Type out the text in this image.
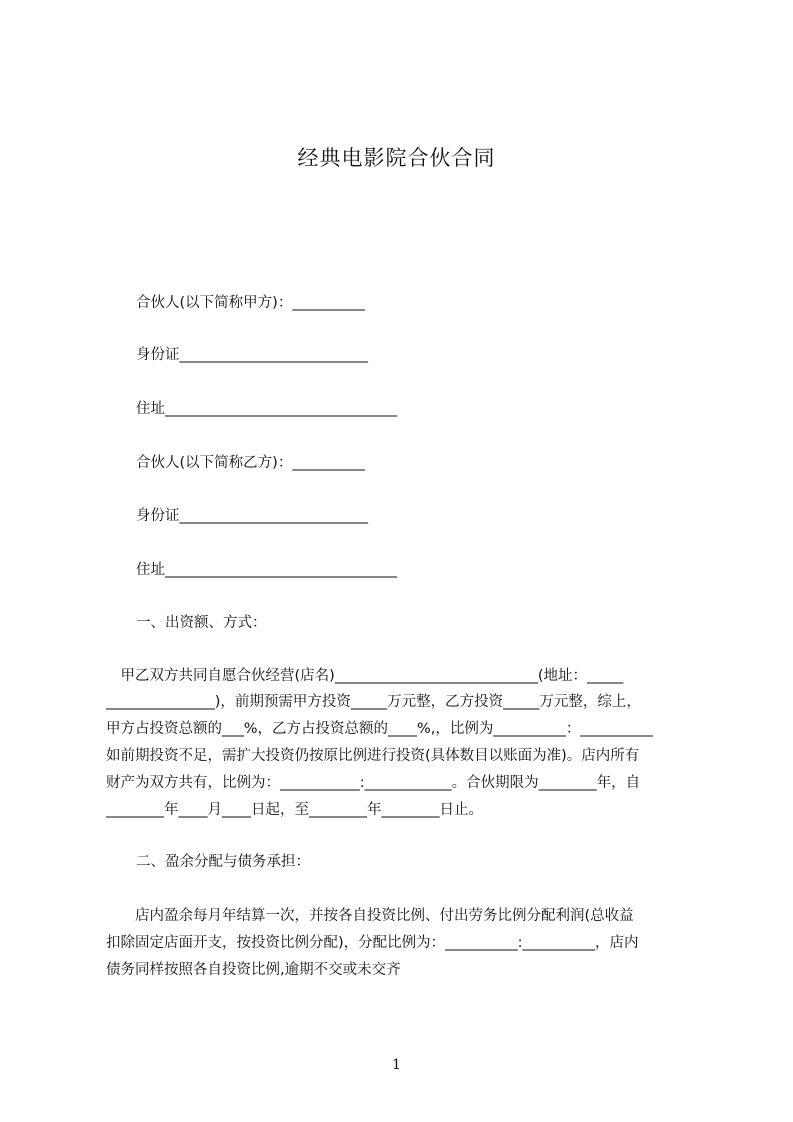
经典电影院合伙合同
合伙人(以下简称甲方)：__________
身份证__________________________
住址________________________________
合伙人(以下简称乙方)：__________
身份证__________________________
住址________________________________
一、出资额、方式：
　甲乙双方共同自愿合伙经营(店名)____________________________(地址：_____
_______________)，前期预需甲方投资_____万元整，乙方投资_____万元整，综上，
甲方占投资总额的___%，乙方占投资总额的____%,，比例为__________：__________
如前期投资不足，需扩大投资仍按原比例进行投资(具体数目以账面为准)。店内所有
财产为双方共有，比例为：___________:____________。合伙期限为________年，自
________年____月____日起，至________年________日止。
二、盈余分配与债务承担：
　　店内盈余每月年结算一次，并按各自投资比例、付出劳务比例分配利润(总收益
扣除固定店面开支，按投资比例分配)，分配比例为：__________:__________，店内
债务同样按照各自投资比例,逾期不交或未交齐
1
